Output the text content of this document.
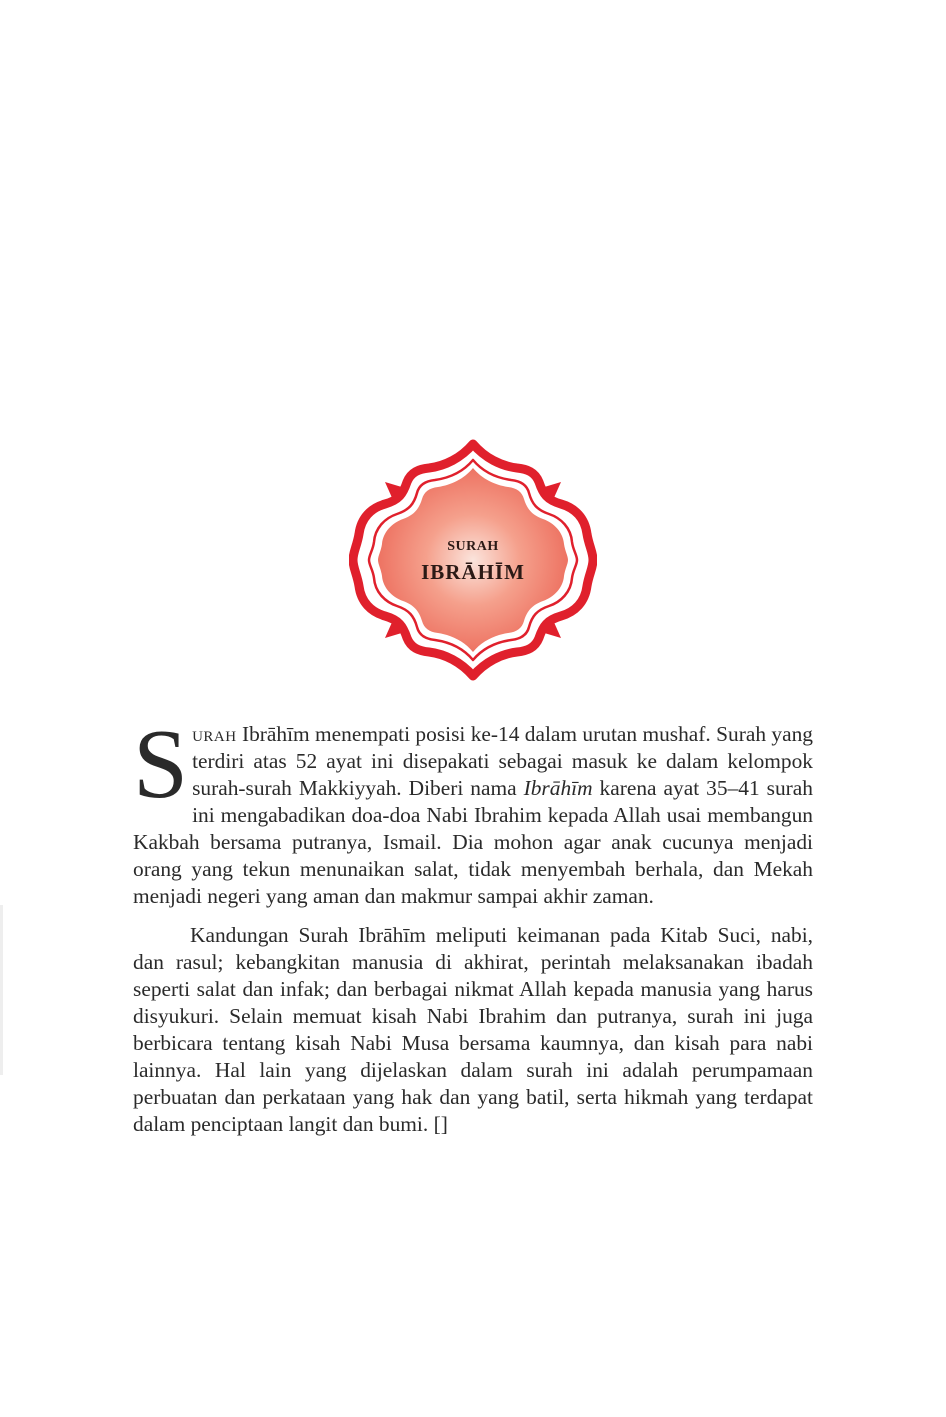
SURAH
IBRĀHĪM

Surah Ibrāhīm menempati posisi ke-14 dalam urutan mushaf. Surah yang terdiri atas 52 ayat ini disepakati sebagai masuk ke dalam kelompok surah-surah Makkiyyah. Diberi nama Ibrāhīm karena ayat 35–41 surah ini mengabadikan doa-doa Nabi Ibrahim kepada Allah usai membangun Kakbah bersama putranya, Ismail. Dia mohon agar anak cucunya menjadi orang yang tekun menunaikan salat, tidak menyembah berhala, dan Mekah menjadi negeri yang aman dan makmur sampai akhir zaman.

Kandungan Surah Ibrāhīm meliputi keimanan pada Kitab Suci, nabi, dan rasul; kebangkitan manusia di akhirat, perintah melaksanakan ibadah seperti salat dan infak; dan berbagai nikmat Allah kepada manusia yang harus disyukuri. Selain memuat kisah Nabi Ibrahim dan putranya, surah ini juga berbicara tentang kisah Nabi Musa bersama kaumnya, dan kisah para nabi lainnya. Hal lain yang dijelaskan dalam surah ini adalah perumpamaan perbuatan dan perkataan yang hak dan yang batil, serta hikmah yang terdapat dalam penciptaan langit dan bumi. []
